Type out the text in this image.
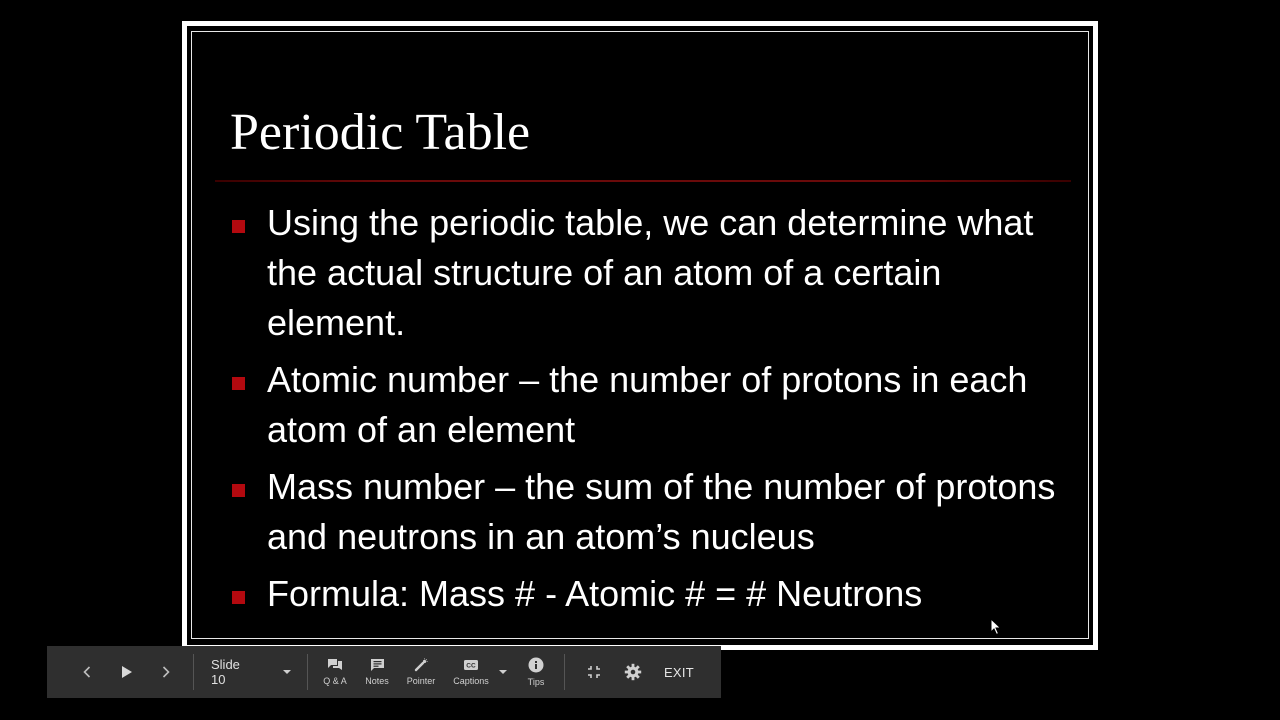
Periodic Table
Using the periodic table, we can determine what the actual structure of an atom of a certain element.
Atomic number – the number of protons in each atom of an element
Mass number – the sum of the number of protons and neutrons in an atom’s nucleus
Formula: Mass # - Atomic # = # Neutrons
Slide 10	Q & A Notes Pointer
CC
Captions	Tips
EXIT
